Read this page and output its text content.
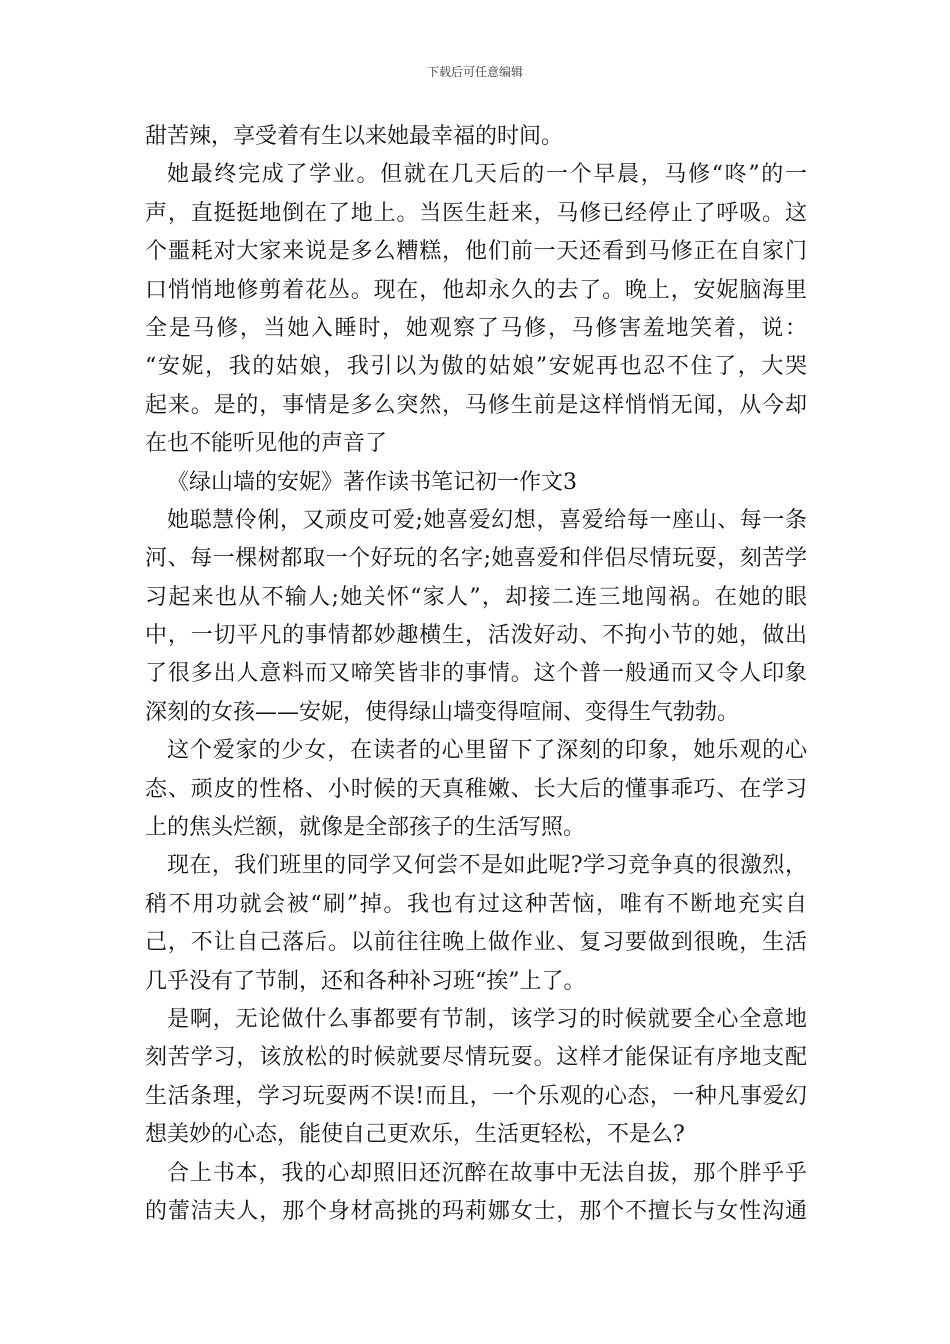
下载后可任意编辑
甜苦辣，享受着有生以来她最幸福的时间。
她最终完成了学业。但就在几天后的一个早晨，马修“咚”的一
声，直挺挺地倒在了地上。当医生赶来，马修已经停止了呼吸。这
个噩耗对大家来说是多么糟糕，他们前一天还看到马修正在自家门
口悄悄地修剪着花丛。现在，他却永久的去了。晚上，安妮脑海里
全是马修，当她入睡时，她观察了马修，马修害羞地笑着，说：
“安妮，我的姑娘，我引以为傲的姑娘”安妮再也忍不住了，大哭
起来。是的，事情是多么突然，马修生前是这样悄悄无闻，从今却
在也不能听见他的声音了
《绿山墙的安妮》著作读书笔记初一作文3
她聪慧伶俐，又顽皮可爱;她喜爱幻想，喜爱给每一座山、每一条
河、每一棵树都取一个好玩的名字;她喜爱和伴侣尽情玩耍，刻苦学
习起来也从不输人;她关怀“家人”，却接二连三地闯祸。在她的眼
中，一切平凡的事情都妙趣横生，活泼好动、不拘小节的她，做出
了很多出人意料而又啼笑皆非的事情。这个普一般通而又令人印象
深刻的女孩——安妮，使得绿山墙变得喧闹、变得生气勃勃。
这个爱家的少女，在读者的心里留下了深刻的印象，她乐观的心
态、顽皮的性格、小时候的天真稚嫩、长大后的懂事乖巧、在学习
上的焦头烂额，就像是全部孩子的生活写照。
现在，我们班里的同学又何尝不是如此呢?学习竞争真的很激烈，
稍不用功就会被“刷”掉。我也有过这种苦恼，唯有不断地充实自
己，不让自己落后。以前往往晚上做作业、复习要做到很晚，生活
几乎没有了节制，还和各种补习班“挨”上了。
是啊，无论做什么事都要有节制，该学习的时候就要全心全意地
刻苦学习，该放松的时候就要尽情玩耍。这样才能保证有序地支配
生活条理，学习玩耍两不误!而且，一个乐观的心态，一种凡事爱幻
想美妙的心态，能使自己更欢乐，生活更轻松，不是么?
合上书本，我的心却照旧还沉醉在故事中无法自拔，那个胖乎乎
的蕾洁夫人，那个身材高挑的玛莉娜女士，那个不擅长与女性沟通
